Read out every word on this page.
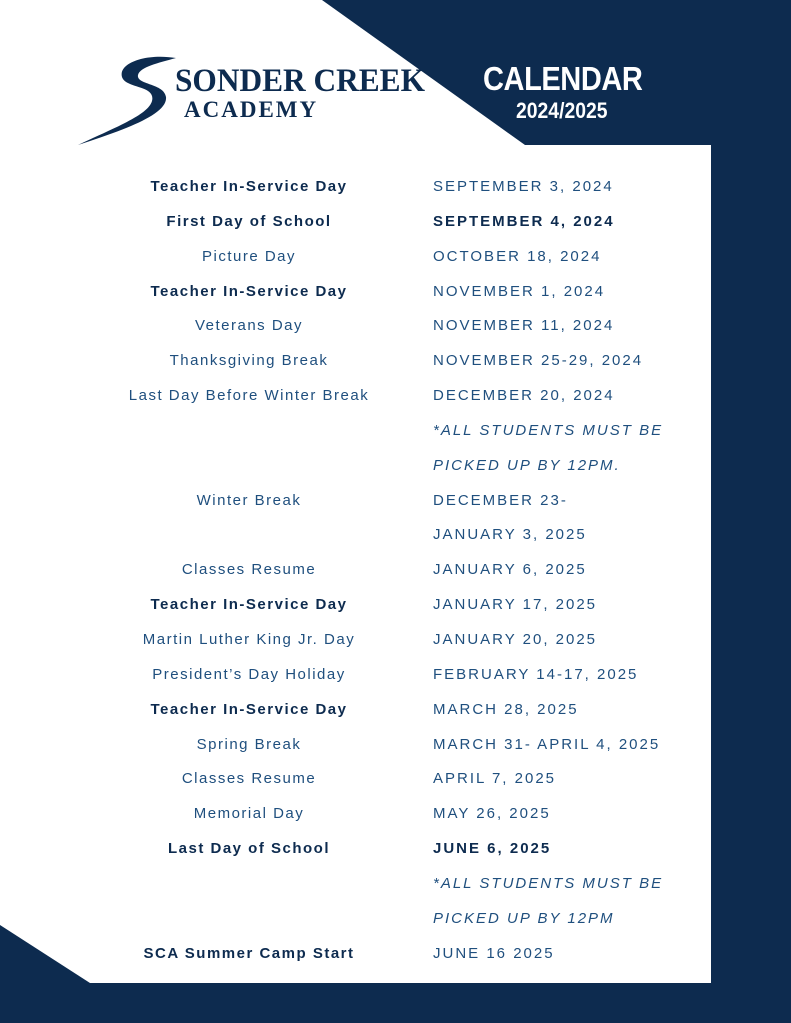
SONDER CREEK
ACADEMY
CALENDAR
2024/2025
Teacher In-Service Day	SEPTEMBER 3, 2024
First Day of School	SEPTEMBER 4, 2024
Picture Day	OCTOBER 18, 2024
Teacher In-Service Day	NOVEMBER 1, 2024
Veterans Day	NOVEMBER 11, 2024
Thanksgiving Break	NOVEMBER 25-29, 2024
Last Day Before Winter Break	DECEMBER 20, 2024
*ALL STUDENTS MUST BE
PICKED UP BY 12PM.
Winter Break	DECEMBER 23-
JANUARY 3, 2025
Classes Resume	JANUARY 6, 2025
Teacher In-Service Day	JANUARY 17, 2025
Martin Luther King Jr. Day	JANUARY 20, 2025
President’s Day Holiday	FEBRUARY 14-17, 2025
Teacher In-Service Day	MARCH 28, 2025
Spring Break	MARCH 31- APRIL 4, 2025
Classes Resume	APRIL 7, 2025
Memorial Day	MAY 26, 2025
Last Day of School	JUNE 6, 2025
*ALL STUDENTS MUST BE
PICKED UP BY 12PM
SCA Summer Camp Start	JUNE 16 2025
